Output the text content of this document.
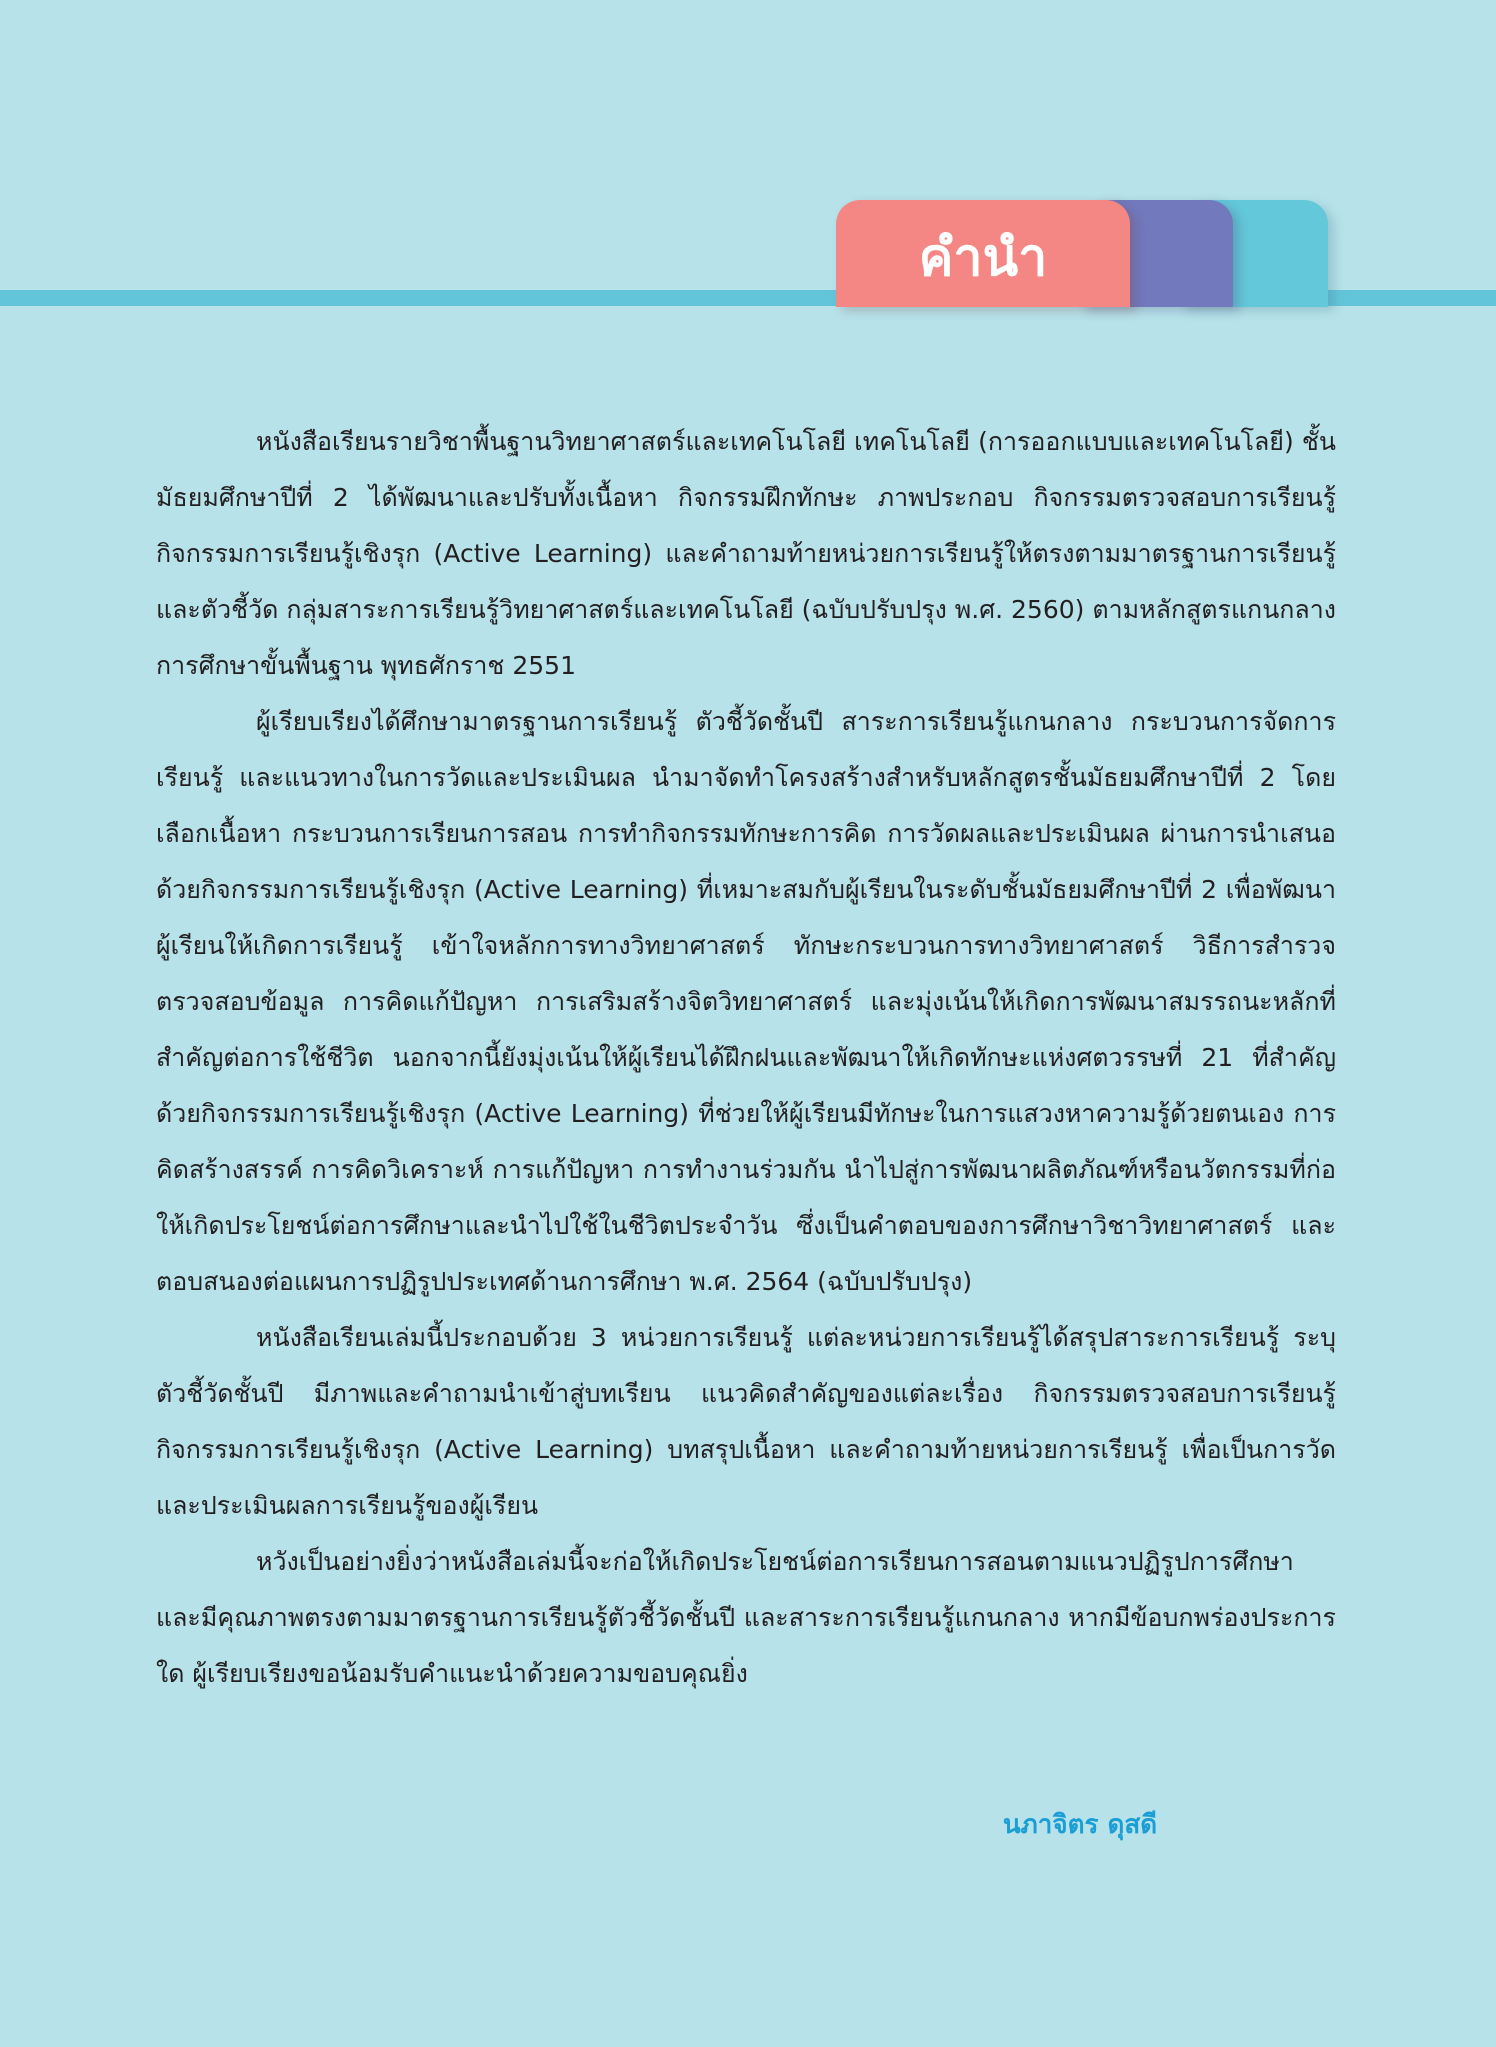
คำนำ

หนังสือเรียนรายวิชาพื้นฐานวิทยาศาสตร์และเทคโนโลยี เทคโนโลยี (การออกแบบและเทคโนโลยี) ชั้นมัธยมศึกษาปีที่ 2 ได้พัฒนาและปรับทั้งเนื้อหา กิจกรรมฝึกทักษะ ภาพประกอบ กิจกรรมตรวจสอบการเรียนรู้ กิจกรรมการเรียนรู้เชิงรุก (Active Learning) และคำถามท้ายหน่วยการเรียนรู้ให้ตรงตามมาตรฐานการเรียนรู้และตัวชี้วัด กลุ่มสาระการเรียนรู้วิทยาศาสตร์และเทคโนโลยี (ฉบับปรับปรุง พ.ศ. 2560) ตามหลักสูตรแกนกลางการศึกษาขั้นพื้นฐาน พุทธศักราช 2551

ผู้เรียบเรียงได้ศึกษามาตรฐานการเรียนรู้ ตัวชี้วัดชั้นปี สาระการเรียนรู้แกนกลาง กระบวนการจัดการเรียนรู้ และแนวทางในการวัดและประเมินผล นำมาจัดทำโครงสร้างสำหรับหลักสูตรชั้นมัธยมศึกษาปีที่ 2 โดยเลือกเนื้อหา กระบวนการเรียนการสอน การทำกิจกรรมทักษะการคิด การวัดผลและประเมินผล ผ่านการนำเสนอด้วยกิจกรรมการเรียนรู้เชิงรุก (Active Learning) ที่เหมาะสมกับผู้เรียนในระดับชั้นมัธยมศึกษาปีที่ 2 เพื่อพัฒนาผู้เรียนให้เกิดการเรียนรู้ เข้าใจหลักการทางวิทยาศาสตร์ ทักษะกระบวนการทางวิทยาศาสตร์ วิธีการสำรวจ ตรวจสอบข้อมูล การคิดแก้ปัญหา การเสริมสร้างจิตวิทยาศาสตร์ และมุ่งเน้นให้เกิดการพัฒนาสมรรถนะหลักที่สำคัญต่อการใช้ชีวิต นอกจากนี้ยังมุ่งเน้นให้ผู้เรียนได้ฝึกฝนและพัฒนาให้เกิดทักษะแห่งศตวรรษที่ 21 ที่สำคัญด้วยกิจกรรมการเรียนรู้เชิงรุก (Active Learning) ที่ช่วยให้ผู้เรียนมีทักษะในการแสวงหาความรู้ด้วยตนเอง การคิดสร้างสรรค์ การคิดวิเคราะห์ การแก้ปัญหา การทำงานร่วมกัน นำไปสู่การพัฒนาผลิตภัณฑ์หรือนวัตกรรมที่ก่อให้เกิดประโยชน์ต่อการศึกษาและนำไปใช้ในชีวิตประจำวัน ซึ่งเป็นคำตอบของการศึกษาวิชาวิทยาศาสตร์ และตอบสนองต่อแผนการปฏิรูปประเทศด้านการศึกษา พ.ศ. 2564 (ฉบับปรับปรุง)

หนังสือเรียนเล่มนี้ประกอบด้วย 3 หน่วยการเรียนรู้ แต่ละหน่วยการเรียนรู้ได้สรุปสาระการเรียนรู้ ระบุตัวชี้วัดชั้นปี มีภาพและคำถามนำเข้าสู่บทเรียน แนวคิดสำคัญของแต่ละเรื่อง กิจกรรมตรวจสอบการเรียนรู้ กิจกรรมการเรียนรู้เชิงรุก (Active Learning) บทสรุปเนื้อหา และคำถามท้ายหน่วยการเรียนรู้ เพื่อเป็นการวัดและประเมินผลการเรียนรู้ของผู้เรียน

หวังเป็นอย่างยิ่งว่าหนังสือเล่มนี้จะก่อให้เกิดประโยชน์ต่อการเรียนการสอนตามแนวปฏิรูปการศึกษา และมีคุณภาพตรงตามมาตรฐานการเรียนรู้ตัวชี้วัดชั้นปี และสาระการเรียนรู้แกนกลาง หากมีข้อบกพร่องประการใด ผู้เรียบเรียงขอน้อมรับคำแนะนำด้วยความขอบคุณยิ่ง

นภาจิตร ดุสดี
